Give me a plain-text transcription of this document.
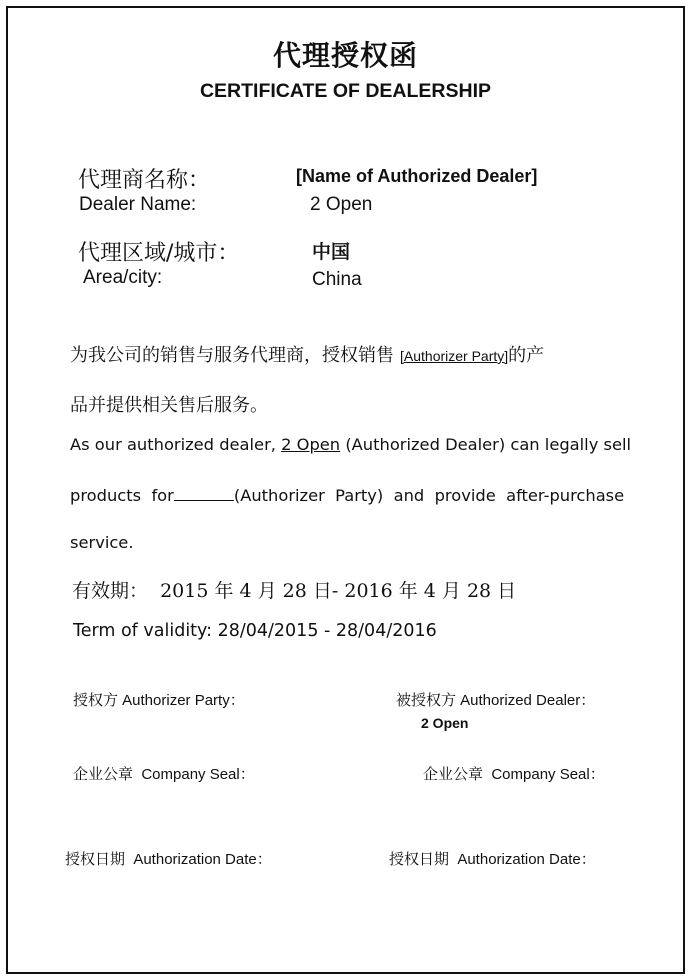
代理授权函
CERTIFICATE OF DEALERSHIP
代理商名称：
Dealer Name:
[Name of Authorized Dealer]
2 Open
代理区域/城市：
Area/city:
中国
China
为我公司的销售与服务代理商，授权销售 [Authorizer Party]的产
品并提供相关售后服务。
As our authorized dealer, 2 Open (Authorized Dealer) can legally sell
products  for	(Authorizer  Party)  and  provide  after-purchase
service.
有效期：  2015 年 4 月 28 日- 2016 年 4 月 28 日
Term of validity: 28/04/2015 - 28/04/2016
授权方 Authorizer Party：
企业公章  Company Seal：
授权日期  Authorization Date：
被授权方 Authorized Dealer：
2 Open
企业公章  Company Seal：
授权日期  Authorization Date：
